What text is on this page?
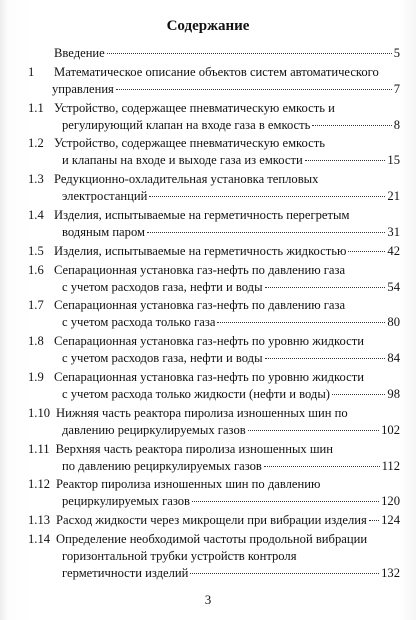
Содержание
Введение	5
1	Математическое описание объектов систем автоматического
управления	7
1.1 Устройство, содержащее пневматическую емкость и
регулирующий клапан на входе газа в емкость	8
1.2 Устройство, содержащее пневматическую емкость
и клапаны на входе и выходе газа из емкости	15
1.3 Редукционно-охладительная установка тепловых
электростанций	21
1.4 Изделия, испытываемые на герметичность перегретым
водяным паром	31
1.5 Изделия, испытываемые на герметичность жидкостью	42
1.6 Сепарационная установка газ-нефть по давлению газа
с учетом расходов газа, нефти и воды	54
1.7 Сепарационная установка газ-нефть по давлению газа
с учетом расхода только газа	80
1.8 Сепарационная установка газ-нефть по уровню жидкости
с учетом расходов газа, нефти и воды	84
1.9 Сепарационная установка газ-нефть по уровню жидкости
с учетом расхода только жидкости (нефти и воды)	98
1.10 Нижняя часть реактора пиролиза изношенных шин по
давлению рециркулируемых газов	102
1.11 Верхняя часть реактора пиролиза изношенных шин
по давлению рециркулируемых газов	112
1.12 Реактор пиролиза изношенных шин по давлению
рециркулируемых газов	120
1.13 Расход жидкости через микрощели при вибрации изделия 124
1.14 Определение необходимой частоты продольной вибрации
горизонтальной трубки устройств контроля
герметичности изделий	132
3
